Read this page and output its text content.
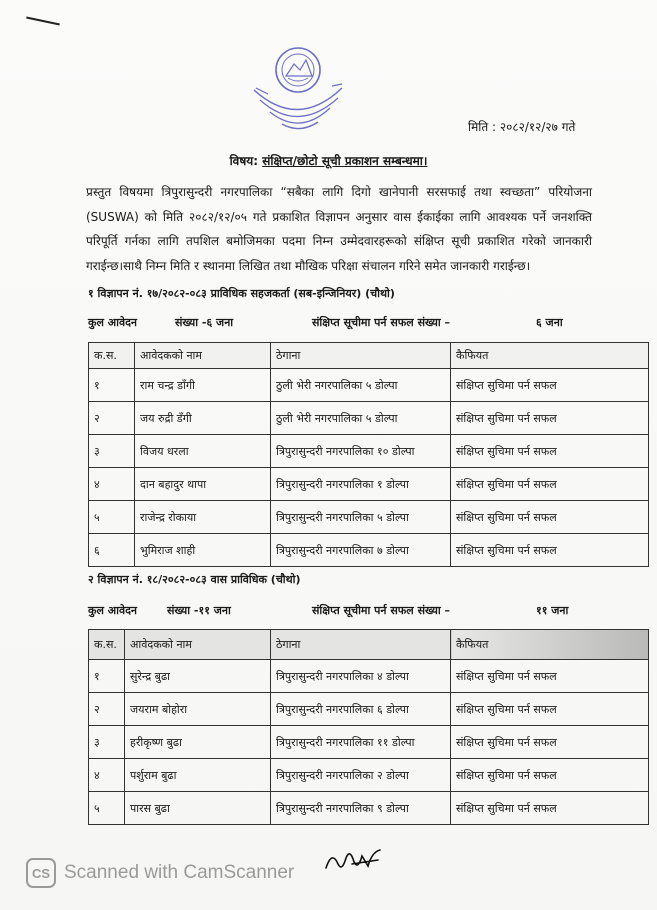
मिति : २०८२/१२/२७ गते
विषय: संक्षिप्त/छोटो सूची प्रकाशन सम्बन्धमा।
प्रस्तुत विषयमा त्रिपुरासुन्दरी नगरपालिका “सबैका लागि दिगो खानेपानी सरसफाई तथा स्वच्छता” परियोजना (SUSWA) को मिति २०८२/१२/०५ गते प्रकाशित विज्ञापन अनुसार वास ईकाईका लागि आवश्यक पर्ने जनशक्ति परिपूर्ति गर्नका लागि तपशिल बमोजिमका पदमा निम्न उम्मेदवारहरूको संक्षिप्त सूची प्रकाशित गरेको जानकारी गराईन्छ।साथै निम्न मिति र स्थानमा लिखित तथा मौखिक परिक्षा संचालन गरिने समेत जानकारी गराईन्छ।
१ विज्ञापन नं. १७/२०८२-०८३ प्राविधिक सहजकर्ता (सब-इन्जिनियर) (चौथो)
कुल आवेदन	संख्या -६ जना	संक्षिप्त सूचीमा पर्न सफल संख्या –	६ जना
क.स.	आवेदकको नाम	ठेगाना	कैफियत
१	राम चन्द्र डाँगी	ठुली भेरी नगरपालिका ५ डोल्पा	संक्षिप्त सुचिमा पर्न सफल
२	जय रुद्री डँगी	ठुली भेरी नगरपालिका ५ डोल्पा	संक्षिप्त सुचिमा पर्न सफल
३	विजय धरला	त्रिपुरासुन्दरी नगरपालिका १० डोल्पा	संक्षिप्त सुचिमा पर्न सफल
४	दान बहादुर थापा	त्रिपुरासुन्दरी नगरपालिका १ डोल्पा	संक्षिप्त सुचिमा पर्न सफल
५	राजेन्द्र रोकाया	त्रिपुरासुन्दरी नगरपालिका ५ डोल्पा	संक्षिप्त सुचिमा पर्न सफल
६	भुमिराज शाही	त्रिपुरासुन्दरी नगरपालिका ७ डोल्पा	संक्षिप्त सुचिमा पर्न सफल
२ विज्ञापन नं. १८/२०८२-०८३ वास प्राविधिक (चौथो)
कुल आवेदन	संख्या -११ जना	संक्षिप्त सूचीमा पर्न सफल संख्या –	११ जना
क.स.	आवेदकको नाम	ठेगाना	कैफियत
१	सुरेन्द्र बुढा	त्रिपुरासुन्दरी नगरपालिका ४ डोल्पा	संक्षिप्त सुचिमा पर्न सफल
२	जयराम बोहोरा	त्रिपुरासुन्दरी नगरपालिका ६ डोल्पा	संक्षिप्त सुचिमा पर्न सफल
३	हरीकृष्ण बुढा	त्रिपुरासुन्दरी नगरपालिका ११ डोल्पा	संक्षिप्त सुचिमा पर्न सफल
४	पर्शुराम बुढा	त्रिपुरासुन्दरी नगरपालिका २ डोल्पा	संक्षिप्त सुचिमा पर्न सफल
५	पारस बुढा	त्रिपुरासुन्दरी नगरपालिका ९ डोल्पा	संक्षिप्त सुचिमा पर्न सफल
CS Scanned with CamScanner
